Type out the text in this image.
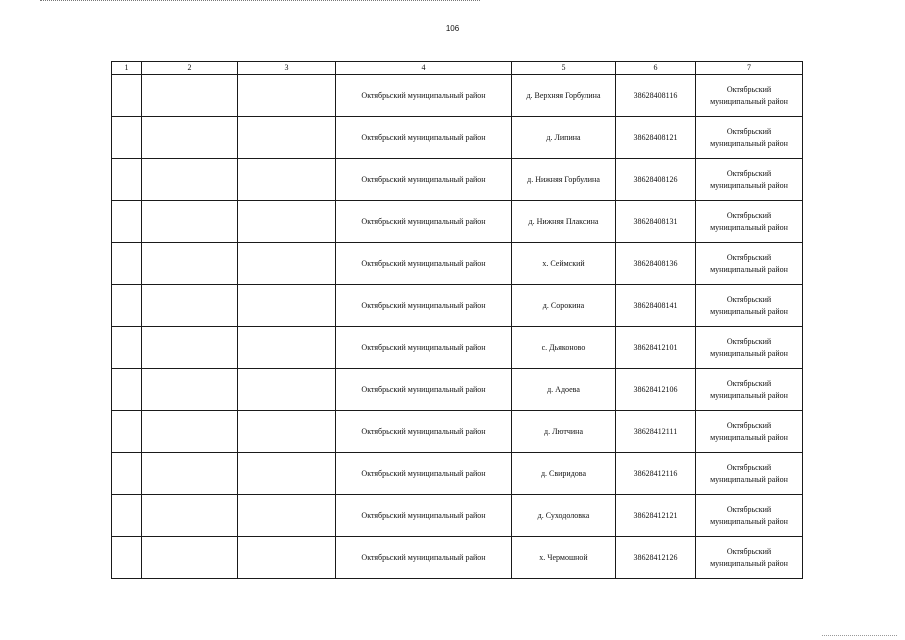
106
1	2	3	4	5	6	7
			Октябрьский муниципальный район	д. Верхняя Горбулина	38628408116	Октябрьский муниципальный район
			Октябрьский муниципальный район	д. Липина	38628408121	Октябрьский муниципальный район
			Октябрьский муниципальный район	д. Нижняя Горбулина	38628408126	Октябрьский муниципальный район
			Октябрьский муниципальный район	д. Нижняя Плаксина	38628408131	Октябрьский муниципальный район
			Октябрьский муниципальный район	х. Сеймский	38628408136	Октябрьский муниципальный район
			Октябрьский муниципальный район	д. Сорокина	38628408141	Октябрьский муниципальный район
			Октябрьский муниципальный район	с. Дьяконово	38628412101	Октябрьский муниципальный район
			Октябрьский муниципальный район	д. Адоева	38628412106	Октябрьский муниципальный район
			Октябрьский муниципальный район	д. Лютчина	38628412111	Октябрьский муниципальный район
			Октябрьский муниципальный район	д. Свиридова	38628412116	Октябрьский муниципальный район
			Октябрьский муниципальный район	д. Суходоловка	38628412121	Октябрьский муниципальный район
			Октябрьский муниципальный район	х. Чермошной	38628412126	Октябрьский муниципальный район
